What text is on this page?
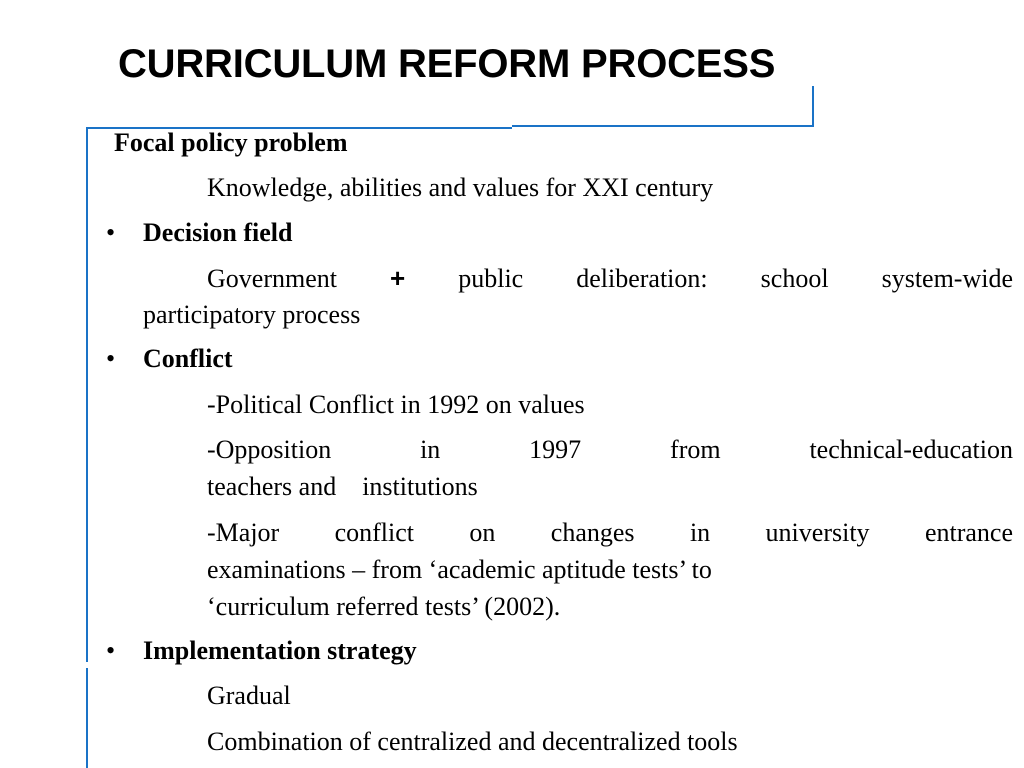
CURRICULUM REFORM PROCESS
Focal policy problem
Knowledge, abilities and values for XXI century
• Decision field
Government + public deliberation: school system-wide
participatory process
• Conflict
-Political Conflict in 1992 on values
-Opposition in 1997 from technical-education
teachers and    institutions
-Major conflict on changes in university entrance
examinations – from ‘academic aptitude tests’ to
‘curriculum referred tests’ (2002).
• Implementation strategy
Gradual
Combination of centralized and decentralized tools
